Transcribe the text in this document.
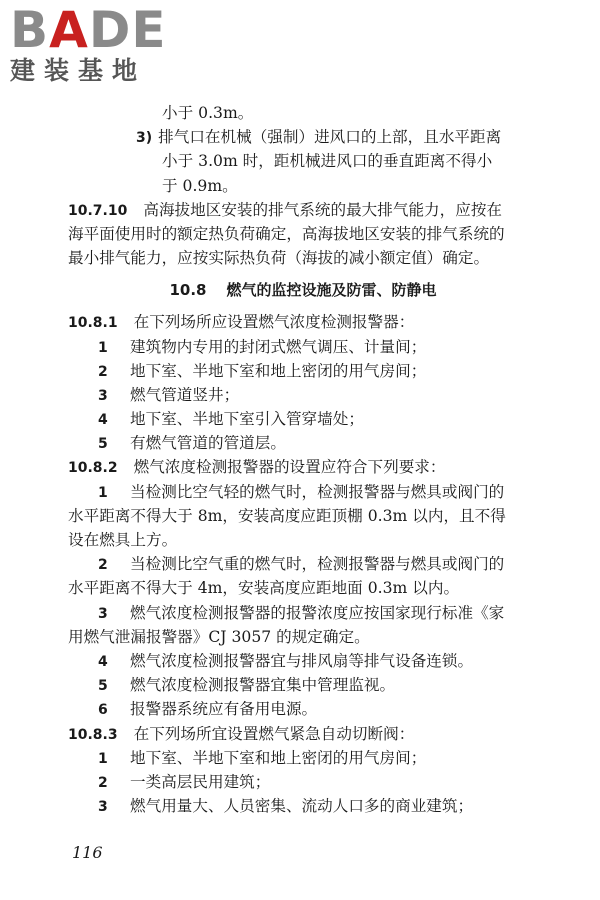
BADE
建装基地
小于 0.3m。
3) 排气口在机械（强制）进风口的上部，且水平距离
小于 3.0m 时，距机械进风口的垂直距离不得小
于 0.9m。
10.7.10 高海拔地区安装的排气系统的最大排气能力，应按在
海平面使用时的额定热负荷确定，高海拔地区安装的排气系统的
最小排气能力，应按实际热负荷（海拔的减小额定值）确定。
10.8 燃气的监控设施及防雷、防静电
10.8.1 在下列场所应设置燃气浓度检测报警器：
1 建筑物内专用的封闭式燃气调压、计量间；
2 地下室、半地下室和地上密闭的用气房间；
3 燃气管道竖井；
4 地下室、半地下室引入管穿墙处；
5 有燃气管道的管道层。
10.8.2 燃气浓度检测报警器的设置应符合下列要求：
1 当检测比空气轻的燃气时，检测报警器与燃具或阀门的
水平距离不得大于 8m，安装高度应距顶棚 0.3m 以内，且不得
设在燃具上方。
2 当检测比空气重的燃气时，检测报警器与燃具或阀门的
水平距离不得大于 4m，安装高度应距地面 0.3m 以内。
3 燃气浓度检测报警器的报警浓度应按国家现行标准《家
用燃气泄漏报警器》CJ 3057 的规定确定。
4 燃气浓度检测报警器宜与排风扇等排气设备连锁。
5 燃气浓度检测报警器宜集中管理监视。
6 报警器系统应有备用电源。
10.8.3 在下列场所宜设置燃气紧急自动切断阀：
1 地下室、半地下室和地上密闭的用气房间；
2 一类高层民用建筑；
3 燃气用量大、人员密集、流动人口多的商业建筑；
116
